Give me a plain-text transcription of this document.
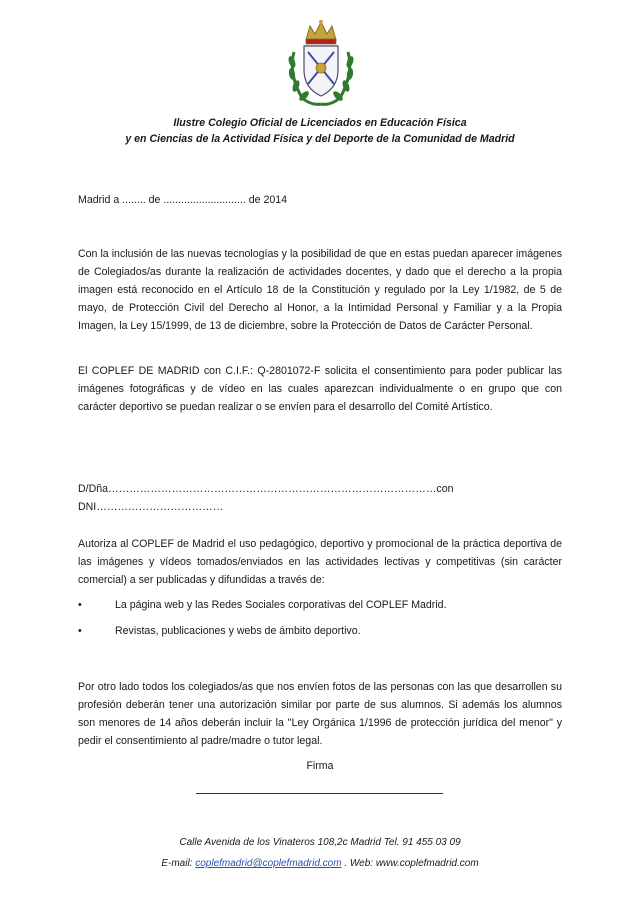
Ilustre Colegio Oficial de Licenciados en Educación Física
y en Ciencias de la Actividad Física y del Deporte de la Comunidad de Madrid
Madrid a ........ de ............................ de 2014
Con la inclusión de las nuevas tecnologías y la posibilidad de que en estas puedan aparecer imágenes de Colegiados/as durante la realización de actividades docentes, y dado que el derecho a la propia imagen está reconocido en el Artículo 18 de la Constitución y regulado por la Ley 1/1982, de 5 de mayo, de Protección Civil del Derecho al Honor, a la Intimidad Personal y Familiar y a la Propia Imagen, la Ley 15/1999, de 13 de diciembre, sobre la Protección de Datos de Carácter Personal.
El COPLEF DE MADRID con C.I.F.: Q-2801072-F solicita el consentimiento para poder publicar las imágenes fotográficas y de vídeo en las cuales aparezcan individualmente o en grupo que con carácter deportivo se puedan realizar o se envíen para el desarrollo del Comité Artístico.
D/Dña…………………………………………………………………………………con DNI………………………………
Autoriza al COPLEF de Madrid el uso pedagógico, deportivo y promocional de la práctica deportiva de las imágenes y vídeos tomados/enviados en las actividades lectivas y competitivas (sin carácter comercial) a ser publicadas y difundidas a través de:
•	La página web y las Redes Sociales corporativas del COPLEF Madrid.
•	Revistas, publicaciones y webs de ámbito deportivo.
Por otro lado todos los colegiados/as que nos envíen fotos de las personas con las que desarrollen su profesión deberán tener una autorización similar por parte de sus alumnos. Si además los alumnos son menores de 14 años deberán incluir la "Ley Orgánica 1/1996 de protección jurídica del menor" y pedir el consentimiento al padre/madre o tutor legal.
Firma
Calle Avenida de los Vinateros 108,2c Madrid Tel. 91 455 03 09
E-mail: coplefmadrid@coplefmadrid.com . Web: www.coplefmadrid.com
